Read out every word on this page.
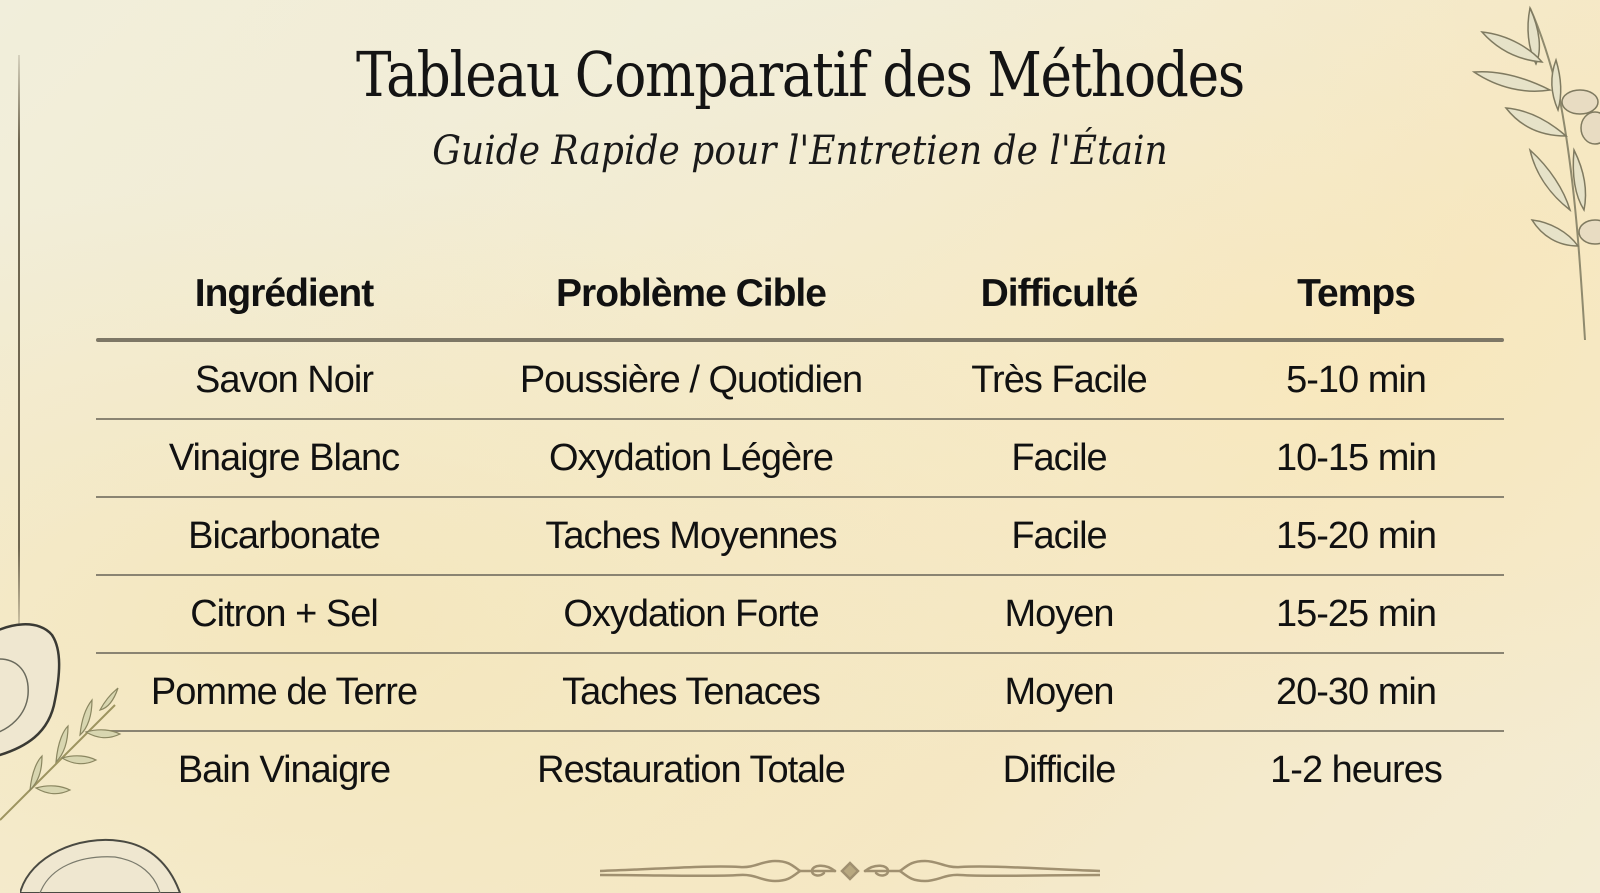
Tableau Comparatif des Méthodes
Guide Rapide pour l'Entretien de l'Étain
Ingrédient	Problème Cible	Difficulté	Temps
Savon Noir	Poussière / Quotidien	Très Facile	5-10 min
Vinaigre Blanc	Oxydation Légère	Facile	10-15 min
Bicarbonate	Taches Moyennes	Facile	15-20 min
Citron + Sel	Oxydation Forte	Moyen	15-25 min
Pomme de Terre	Taches Tenaces	Moyen	20-30 min
Bain Vinaigre	Restauration Totale	Difficile	1-2 heures
